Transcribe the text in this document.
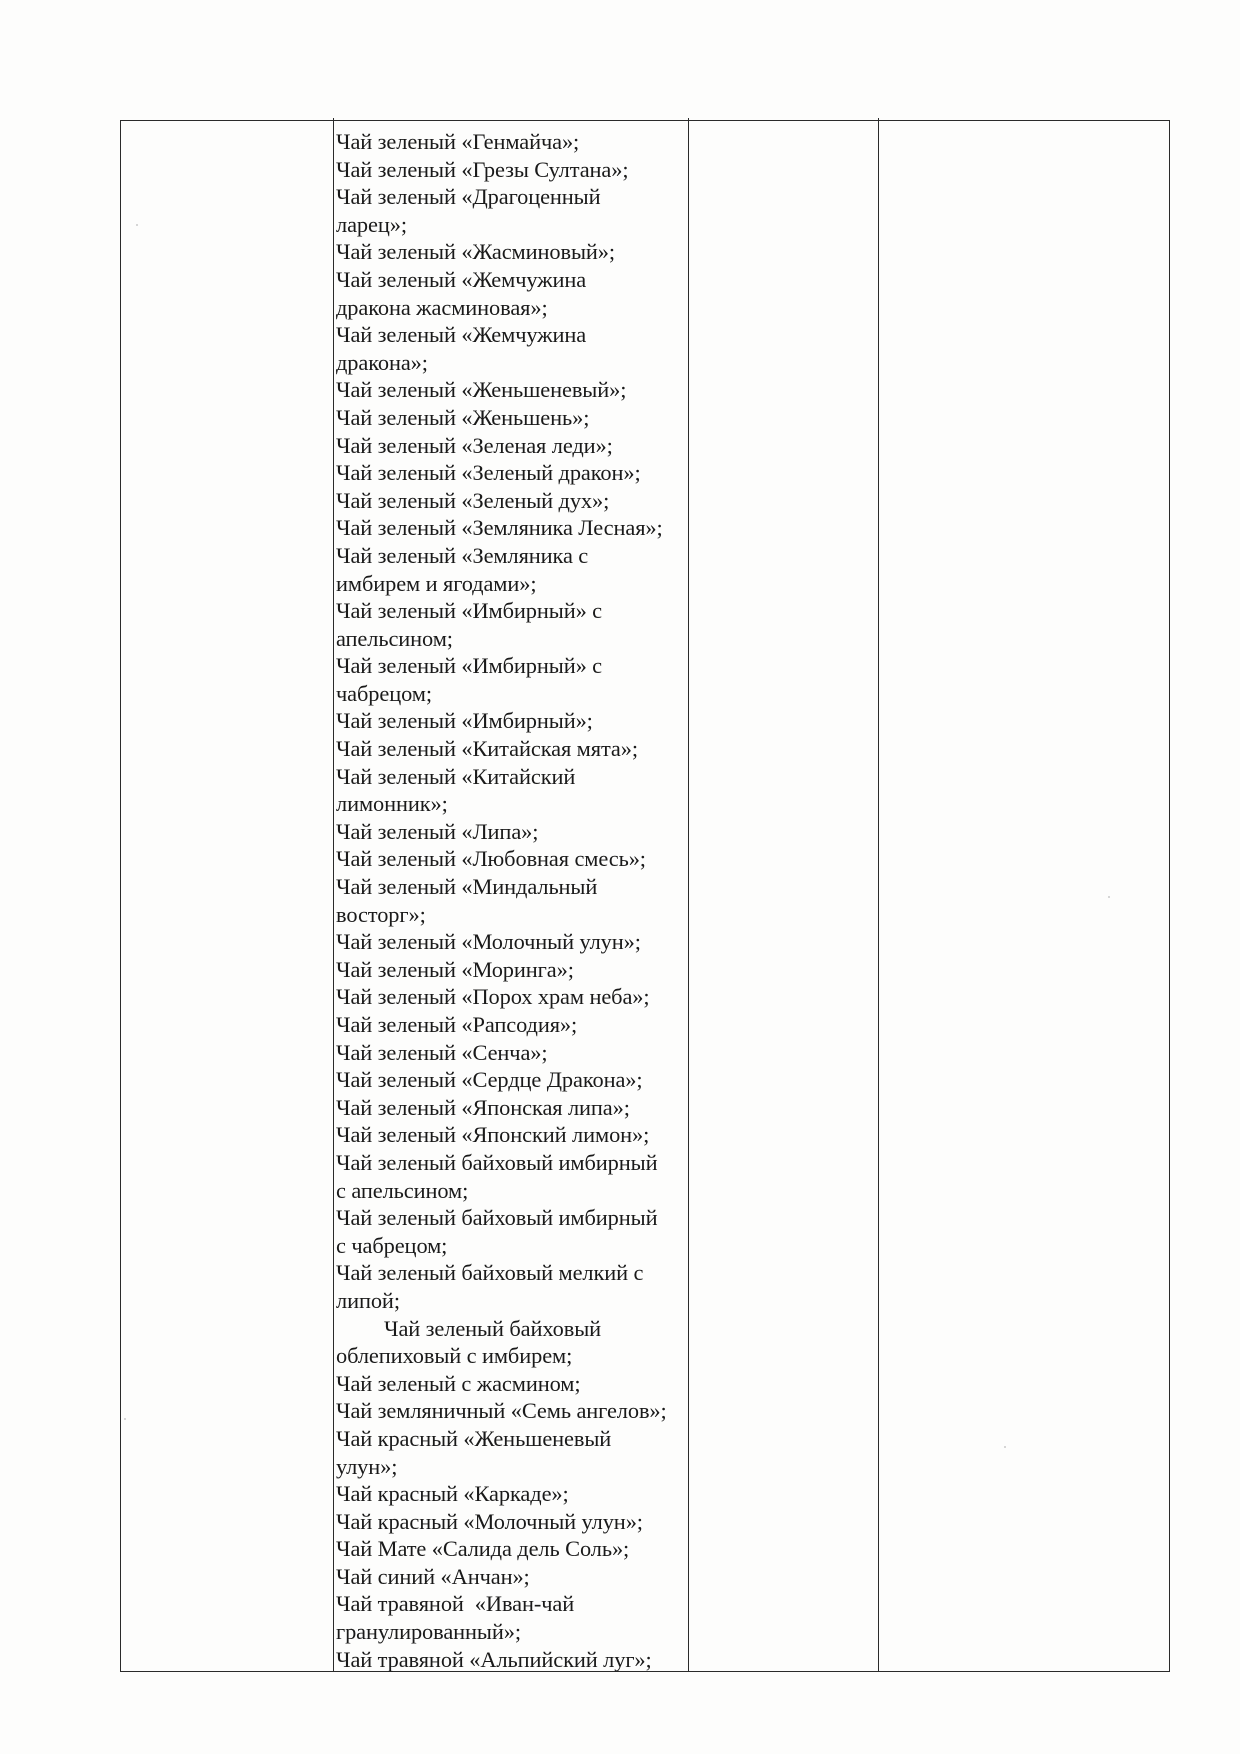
Чай зеленый «Генмайча»;
Чай зеленый «Грезы Султана»;
Чай зеленый «Драгоценный
ларец»;
Чай зеленый «Жасминовый»;
Чай зеленый «Жемчужина
дракона жасминовая»;
Чай зеленый «Жемчужина
дракона»;
Чай зеленый «Женьшеневый»;
Чай зеленый «Женьшень»;
Чай зеленый «Зеленая леди»;
Чай зеленый «Зеленый дракон»;
Чай зеленый «Зеленый дух»;
Чай зеленый «Земляника Лесная»;
Чай зеленый «Земляника с
имбирем и ягодами»;
Чай зеленый «Имбирный» с
апельсином;
Чай зеленый «Имбирный» с
чабрецом;
Чай зеленый «Имбирный»;
Чай зеленый «Китайская мята»;
Чай зеленый «Китайский
лимонник»;
Чай зеленый «Липа»;
Чай зеленый «Любовная смесь»;
Чай зеленый «Миндальный
восторг»;
Чай зеленый «Молочный улун»;
Чай зеленый «Моринга»;
Чай зеленый «Порох храм неба»;
Чай зеленый «Рапсодия»;
Чай зеленый «Сенча»;
Чай зеленый «Сердце Дракона»;
Чай зеленый «Японская липа»;
Чай зеленый «Японский лимон»;
Чай зеленый байховый имбирный
с апельсином;
Чай зеленый байховый имбирный
с чабрецом;
Чай зеленый байховый мелкий с
липой;
Чай зеленый байховый
облепиховый с имбирем;
Чай зеленый с жасмином;
Чай земляничный «Семь ангелов»;
Чай красный «Женьшеневый
улун»;
Чай красный «Каркаде»;
Чай красный «Молочный улун»;
Чай Мате «Салида дель Соль»;
Чай синий «Анчан»;
Чай травяной  «Иван-чай
гранулированный»;
Чай травяной «Альпийский луг»;
